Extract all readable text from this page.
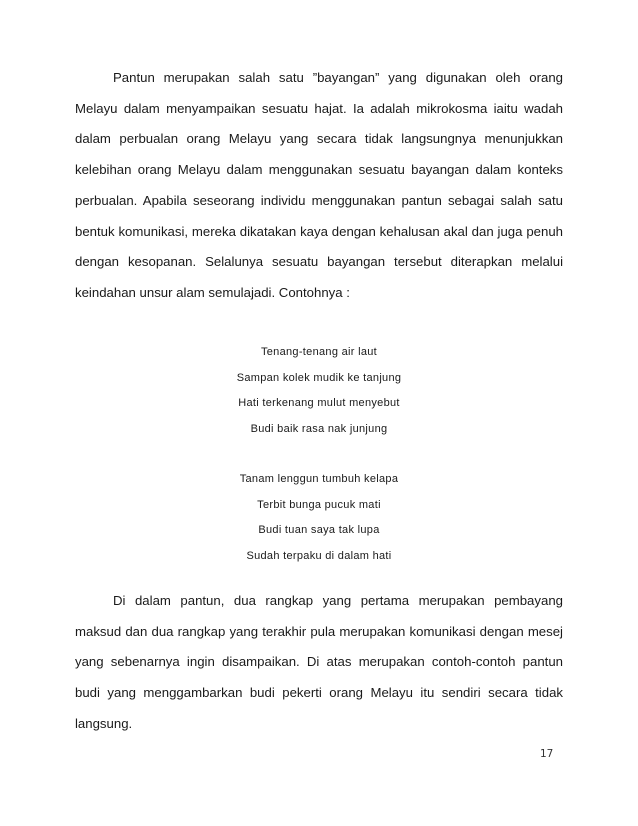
Pantun merupakan salah satu ”bayangan” yang digunakan oleh orang Melayu dalam menyampaikan sesuatu hajat. Ia adalah mikrokosma iaitu wadah dalam perbualan orang Melayu yang secara tidak langsungnya menunjukkan kelebihan orang Melayu dalam menggunakan sesuatu bayangan dalam konteks perbualan. Apabila seseorang individu menggunakan pantun sebagai salah satu bentuk komunikasi, mereka dikatakan kaya dengan kehalusan akal dan juga penuh dengan kesopanan. Selalunya sesuatu bayangan tersebut diterapkan melalui keindahan unsur alam semulajadi. Contohnya :

Tenang-tenang air laut
Sampan kolek mudik ke tanjung
Hati terkenang mulut menyebut
Budi baik rasa nak junjung
Tanam lenggun tumbuh kelapa
Terbit bunga pucuk mati
Budi tuan saya tak lupa
Sudah terpaku di dalam hati

Di dalam pantun, dua rangkap yang pertama merupakan pembayang maksud dan dua rangkap yang terakhir pula merupakan komunikasi dengan mesej yang sebenarnya ingin disampaikan. Di atas merupakan contoh-contoh pantun budi yang menggambarkan budi pekerti orang Melayu itu sendiri secara tidak langsung.

17
